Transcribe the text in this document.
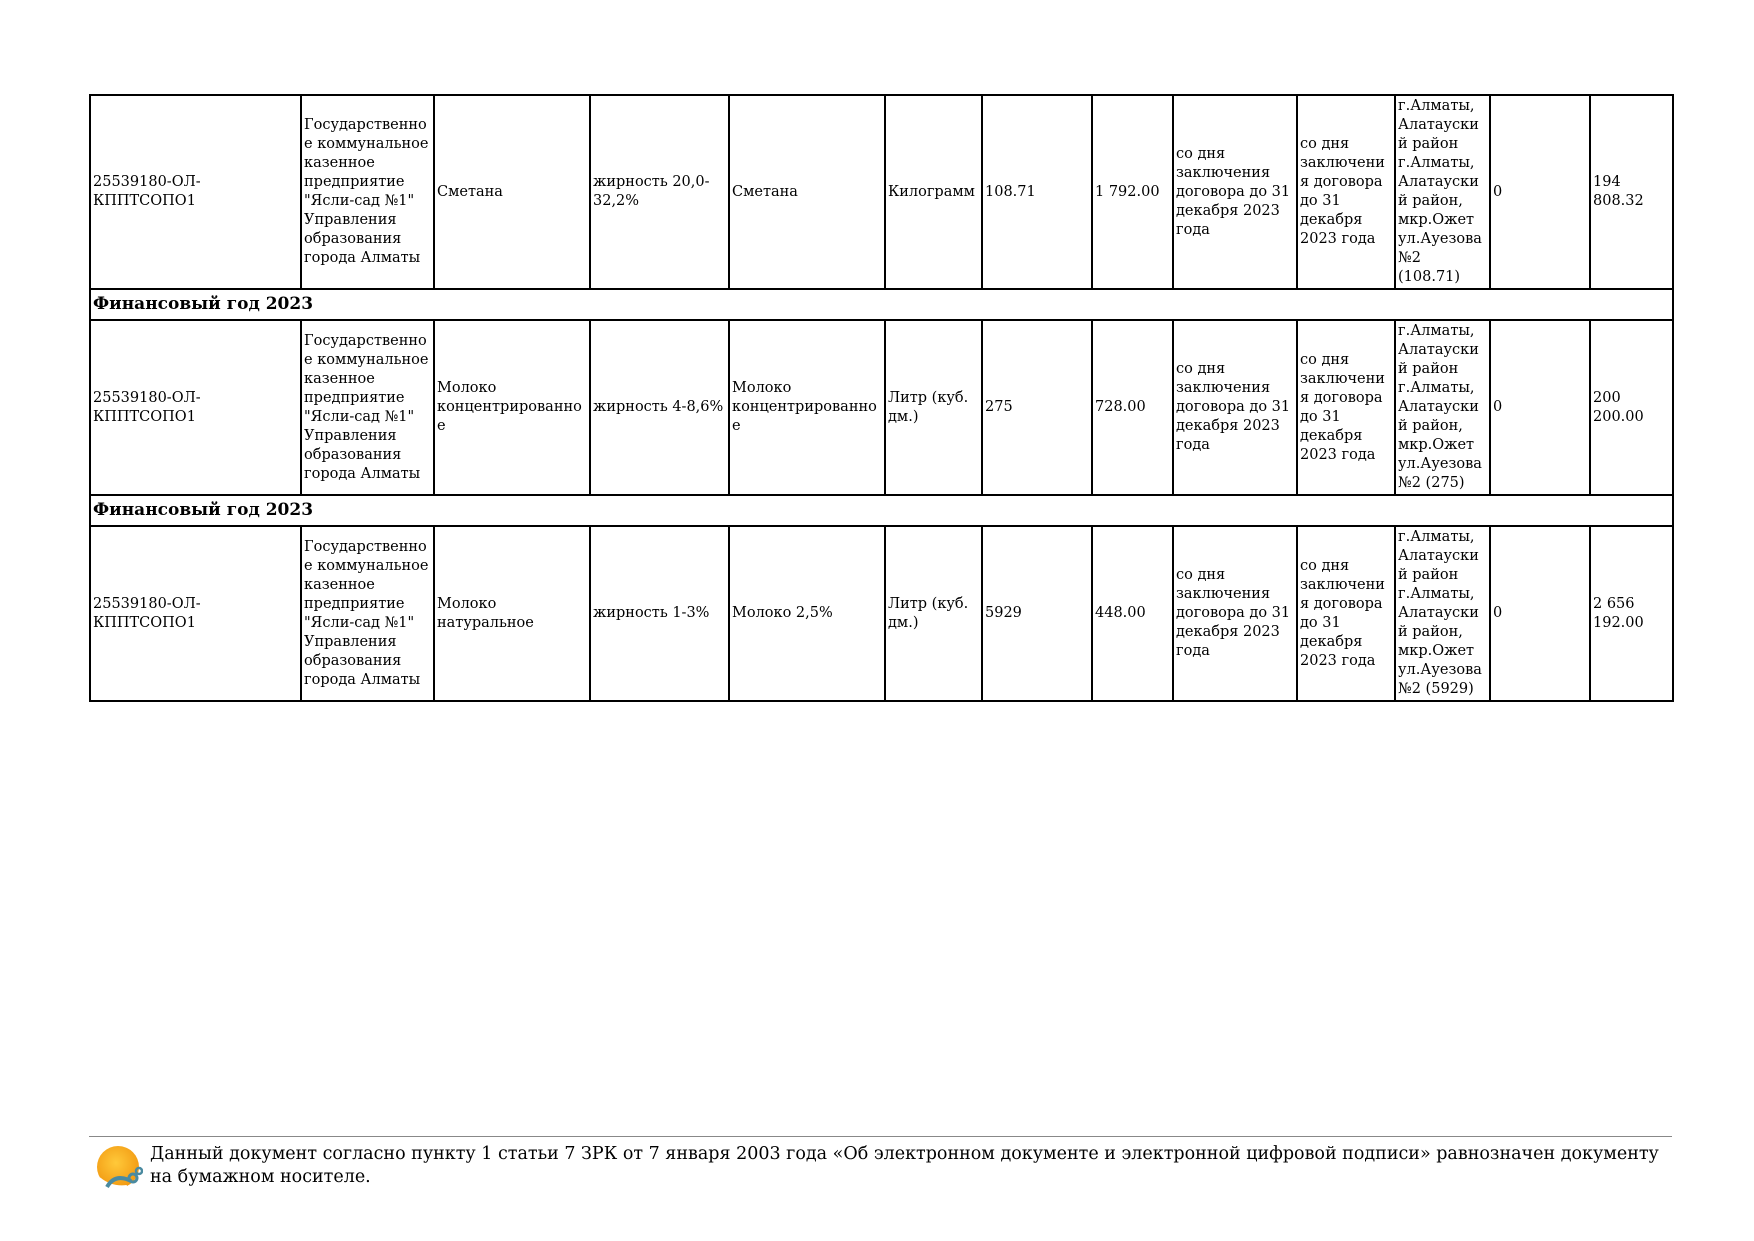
25539180-ОЛ-КППТСОПО1	Государственное коммунальное казенное предприятие "Ясли-сад №1" Управления образования города Алматы	Сметана	жирность 20,0-32,2%	Сметана	Килограмм	108.71	1 792.00	со дня заключения договора до 31 декабря 2023 года	со дня заключения договора до 31 декабря 2023 года	г.Алматы, Алатауский район г.Алматы, Алатауский район, мкр.Ожет ул.Ауезова №2 (108.71)	0	194 808.32
Финансовый год 2023												
25539180-ОЛ-КППТСОПО1	Государственное коммунальное казенное предприятие "Ясли-сад №1" Управления образования города Алматы	Молоко концентрированное	жирность 4-8,6%	Молоко концентрированное	Литр (куб. дм.)	275	728.00	со дня заключения договора до 31 декабря 2023 года	со дня заключения договора до 31 декабря 2023 года	г.Алматы, Алатауский район г.Алматы, Алатауский район, мкр.Ожет ул.Ауезова №2 (275)	0	200 200.00
Финансовый год 2023												
25539180-ОЛ-КППТСОПО1	Государственное коммунальное казенное предприятие "Ясли-сад №1" Управления образования города Алматы	Молоко натуральное	жирность 1-3%	Молоко 2,5%	Литр (куб. дм.)	5929	448.00	со дня заключения договора до 31 декабря 2023 года	со дня заключения договора до 31 декабря 2023 года	г.Алматы, Алатауский район г.Алматы, Алатауский район, мкр.Ожет ул.Ауезова №2 (5929)	0	2 656 192.00
Данный документ согласно пункту 1 статьи 7 ЗРК от 7 января 2003 года «Об электронном документе и электронной цифровой подписи» равнозначен документу на бумажном носителе.
